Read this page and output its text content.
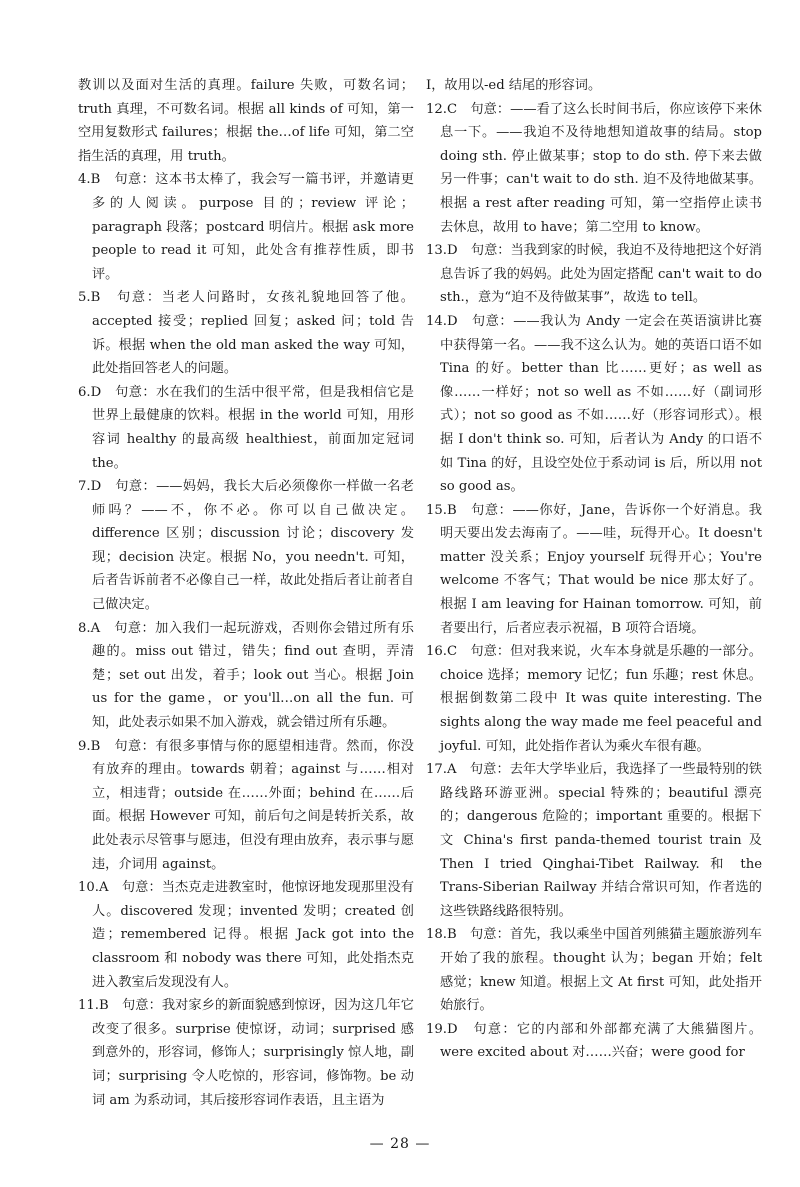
教训以及面对生活的真理。failure 失败，可数名词；truth 真理，不可数名词。根据 all kinds of 可知，第一空用复数形式 failures；根据 the…of life 可知，第二空指生活的真理，用 truth。

4.B　句意：这本书太棒了，我会写一篇书评，并邀请更多的人阅读。purpose 目的；review 评论；paragraph 段落；postcard 明信片。根据 ask more people to read it 可知，此处含有推荐性质，即书评。

5.B　句意：当老人问路时，女孩礼貌地回答了他。accepted 接受；replied 回复；asked 问；told 告诉。根据 when the old man asked the way 可知，此处指回答老人的问题。

6.D　句意：水在我们的生活中很平常，但是我相信它是世界上最健康的饮料。根据 in the world 可知，用形容词 healthy 的最高级 healthiest，前面加定冠词 the。

7.D　句意：——妈妈，我长大后必须像你一样做一名老师吗？——不，你不必。你可以自己做决定。difference 区别；discussion 讨论；discovery 发现；decision 决定。根据 No，you needn't. 可知，后者告诉前者不必像自己一样，故此处指后者让前者自己做决定。

8.A　句意：加入我们一起玩游戏，否则你会错过所有乐趣的。miss out 错过，错失；find out 查明，弄清楚；set out 出发，着手；look out 当心。根据 Join us for the game，or you'll…on all the fun. 可知，此处表示如果不加入游戏，就会错过所有乐趣。

9.B　句意：有很多事情与你的愿望相违背。然而，你没有放弃的理由。towards 朝着；against 与……相对立，相违背；outside 在……外面；behind 在……后面。根据 However 可知，前后句之间是转折关系，故此处表示尽管事与愿违，但没有理由放弃，表示事与愿违，介词用 against。

10.A　句意：当杰克走进教室时，他惊讶地发现那里没有人。discovered 发现；invented 发明；created 创造；remembered 记得。根据 Jack got into the classroom 和 nobody was there 可知，此处指杰克进入教室后发现没有人。

11.B　句意：我对家乡的新面貌感到惊讶，因为这几年它改变了很多。surprise 使惊讶，动词；surprised 感到意外的，形容词，修饰人；surprisingly 惊人地，副词；surprising 令人吃惊的，形容词，修饰物。be 动词 am 为系动词，其后接形容词作表语，且主语为

I，故用以-ed 结尾的形容词。

12.C　句意：——看了这么长时间书后，你应该停下来休息一下。——我迫不及待地想知道故事的结局。stop doing sth. 停止做某事；stop to do sth. 停下来去做另一件事；can't wait to do sth. 迫不及待地做某事。根据 a rest after reading 可知，第一空指停止读书去休息，故用 to have；第二空用 to know。

13.D　句意：当我到家的时候，我迫不及待地把这个好消息告诉了我的妈妈。此处为固定搭配 can't wait to do sth.，意为“迫不及待做某事”，故选 to tell。

14.D　句意：——我认为 Andy 一定会在英语演讲比赛中获得第一名。——我不这么认为。她的英语口语不如 Tina 的好。better than 比……更好；as well as 像……一样好；not so well as 不如……好（副词形式）；not so good as 不如……好（形容词形式）。根据 I don't think so. 可知，后者认为 Andy 的口语不如 Tina 的好，且设空处位于系动词 is 后，所以用 not so good as。

15.B　句意：——你好，Jane，告诉你一个好消息。我明天要出发去海南了。——哇，玩得开心。It doesn't matter 没关系；Enjoy yourself 玩得开心；You're welcome 不客气；That would be nice 那太好了。根据 I am leaving for Hainan tomorrow. 可知，前者要出行，后者应表示祝福，B 项符合语境。

16.C　句意：但对我来说，火车本身就是乐趣的一部分。choice 选择；memory 记忆；fun 乐趣；rest 休息。根据倒数第二段中 It was quite interesting. The sights along the way made me feel peaceful and joyful. 可知，此处指作者认为乘火车很有趣。

17.A　句意：去年大学毕业后，我选择了一些最特别的铁路线路环游亚洲。special 特殊的；beautiful 漂亮的；dangerous 危险的；important 重要的。根据下文 China's first panda-themed tourist train 及 Then I tried Qinghai-Tibet Railway. 和 the Trans-Siberian Railway 并结合常识可知，作者选的这些铁路线路很特别。

18.B　句意：首先，我以乘坐中国首列熊猫主题旅游列车开始了我的旅程。thought 认为；began 开始；felt 感觉；knew 知道。根据上文 At first 可知，此处指开始旅行。

19.D　句意：它的内部和外部都充满了大熊猫图片。were excited about 对……兴奋；were good for

— 28 —
